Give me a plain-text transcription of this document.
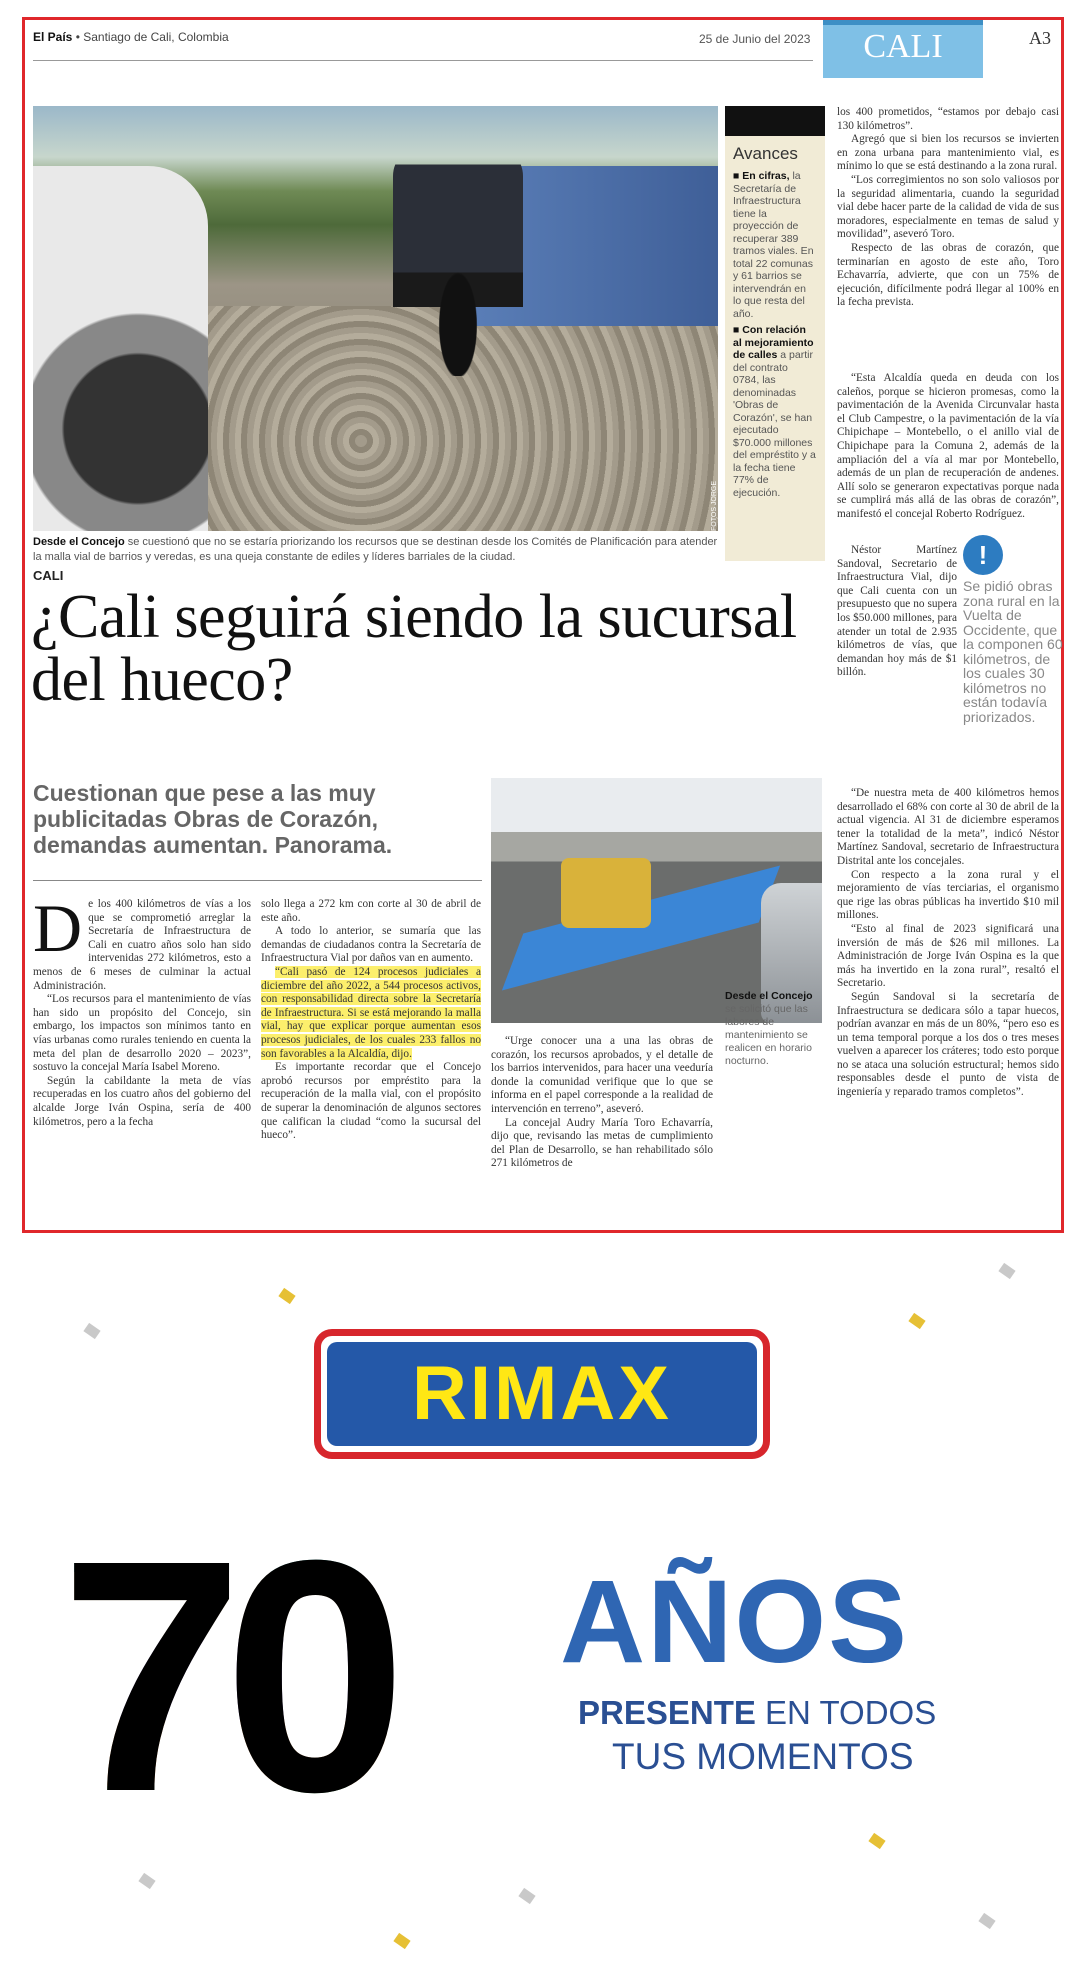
El País • Santiago de Cali, Colombia	25 de Junio del 2023	CALI	A3
FOTOS JORGE ELIÉCER OROZCO
Desde el Concejo se cuestionó que no se estaría priorizando los recursos que se destinan desde los Comités de Planificación para atender la malla vial de barrios y veredas, es una queja constante de ediles y líderes barriales de la ciudad.
Avances

■ En cifras, la Secretaría de Infraestructura tiene la proyección de recuperar 389 tramos viales. En total 22 comunas y 61 barrios se intervendrán en lo que resta del año.

■ Con relación al mejoramiento de calles a partir del contrato 0784, las denominadas 'Obras de Corazón', se han ejecutado $70.000 millones del empréstito y a la fecha tiene 77% de ejecución.

CALI
¿Cali seguirá siendo la sucursal del hueco?
Cuestionan que pese a las muy publicitadas Obras de Corazón, demandas aumentan. Panorama.

De los 400 kilómetros de vías a los que se comprometió arreglar la Secretaría de Infraestructura de Cali en cuatro años solo han sido intervenidas 272 kilómetros, esto a menos de 6 meses de culminar la actual Administración.

“Los recursos para el mantenimiento de vías han sido un propósito del Concejo, sin embargo, los impactos son mínimos tanto en vías urbanas como rurales teniendo en cuenta la meta del plan de desarrollo 2020 – 2023”, sostuvo la concejal María Isabel Moreno.

Según la cabildante la meta de vías recuperadas en los cuatro años del gobierno del alcalde Jorge Iván Ospina, sería de 400 kilómetros, pero a la fecha

solo llega a 272 km con corte al 30 de abril de este año.

A todo lo anterior, se sumaría que las demandas de ciudadanos contra la Secretaría de Infraestructura Vial por daños van en aumento.

“Cali pasó de 124 procesos judiciales a diciembre del año 2022, a 544 procesos activos, con responsabilidad directa sobre la Secretaría de Infraestructura. Si se está mejorando la malla vial, hay que explicar porque aumentan esos procesos judiciales, de los cuales 233 fallos no son favorables a la Alcaldía, dijo.

Es importante recordar que el Concejo aprobó recursos por empréstito para la recuperación de la malla vial, con el propósito de superar la denominación de algunos sectores que califican la ciudad “como la sucursal del hueco”.

Desde el Concejo se solicitó que las labores de mantenimiento se realicen en horario nocturno.

“Urge conocer una a una las obras de corazón, los recursos aprobados, y el detalle de los barrios intervenidos, para hacer una veeduría donde la comunidad verifique que lo que se informa en el papel corresponde a la realidad de intervención en terreno”, aseveró.

La concejal Audry María Toro Echavarría, dijo que, revisando las metas de cumplimiento del Plan de Desarrollo, se han rehabilitado sólo 271 kilómetros de

los 400 prometidos, “estamos por debajo casi 130 kilómetros”.

Agregó que si bien los recursos se invierten en zona urbana para mantenimiento vial, es mínimo lo que se está destinando a la zona rural.

“Los corregimientos no son solo valiosos por la seguridad alimentaria, cuando la seguridad vial debe hacer parte de la calidad de vida de sus moradores, especialmente en temas de salud y movilidad”, aseveró Toro.

Respecto de las obras de corazón, que terminarían en agosto de este año, Toro Echavarría, advierte, que con un 75% de ejecución, difícilmente podrá llegar al 100% en la fecha prevista.

“Esta Alcaldía queda en deuda con los caleños, porque se hicieron promesas, como la pavimentación de la Avenida Circunvalar hasta el Club Campestre, o la pavimentación de la vía Chipichape – Montebello, o el anillo vial de Chipichape para la Comuna 2, además de la ampliación del a vía al mar por Montebello, además de un plan de recuperación de andenes. Allí solo se generaron expectativas porque nada se cumplirá más allá de las obras de corazón”, manifestó el concejal Roberto Rodríguez.

Néstor Martínez Sandoval, Secretario de Infraestructura Vial, dijo que Cali cuenta con un presupuesto que no supera los $50.000 millones, para atender un total de 2.935 kilómetros de vías, que demandan hoy más de $1 billón.

“De nuestra meta de 400 kilómetros hemos desarrollado el 68% con corte al 30 de abril de la actual vigencia. Al 31 de diciembre esperamos tener la totalidad de la meta”, indicó Néstor Martínez Sandoval, secretario de Infraestructura Distrital ante los concejales.

Con respecto a la zona rural y el mejoramiento de vías terciarias, el organismo que rige las obras públicas ha invertido $10 mil millones.

“Esto al final de 2023 significará una inversión de más de $26 mil millones. La Administración de Jorge Iván Ospina es la que más ha invertido en la zona rural”, resaltó el Secretario.

Según Sandoval si la secretaría de Infraestructura se dedicara sólo a tapar huecos, podrían avanzar en más de un 80%, “pero eso es un tema temporal porque a los dos o tres meses vuelven a aparecer los cráteres; todo esto porque no se ataca una solución estructural; hemos sido responsables desde el punto de vista de ingeniería y reparado tramos completos”.

!
Se pidió obras zona rural en la Vuelta de Occidente, que la componen 60 kilómetros, de los cuales 30 kilómetros no están todavía priorizados.
RIMAX
70	AÑOS
PRESENTE EN TODOS
TUS MOMENTOS
